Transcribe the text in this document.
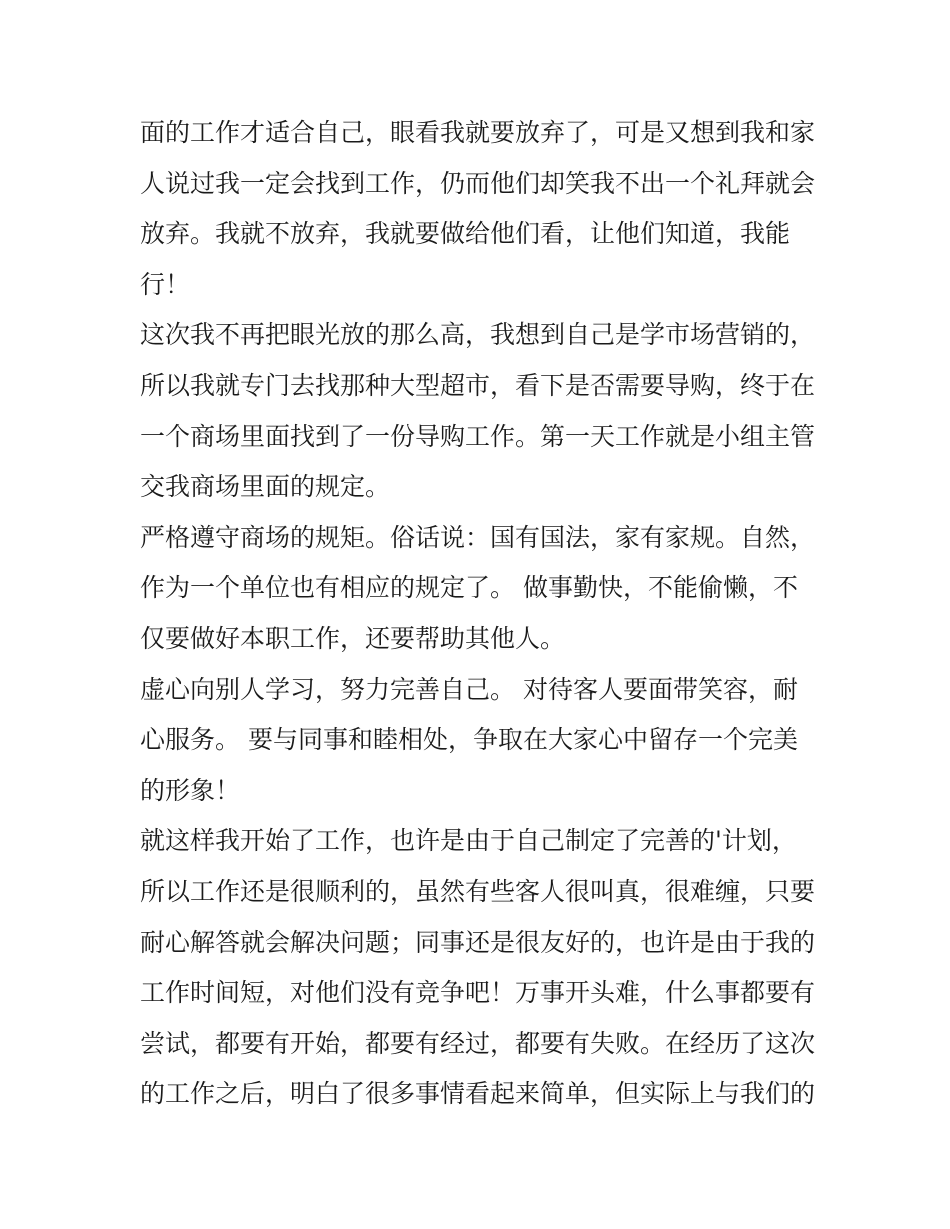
面的工作才适合自己，眼看我就要放弃了，可是又想到我和家
人说过我一定会找到工作，仍而他们却笑我不出一个礼拜就会
放弃。我就不放弃，我就要做给他们看，让他们知道，我能
行！
这次我不再把眼光放的那么高，我想到自己是学市场营销的，
所以我就专门去找那种大型超市，看下是否需要导购，终于在
一个商场里面找到了一份导购工作。第一天工作就是小组主管
交我商场里面的规定。
严格遵守商场的规矩。俗话说：国有国法，家有家规。自然，
作为一个单位也有相应的规定了。 做事勤快，不能偷懒，不
仅要做好本职工作，还要帮助其他人。
虚心向别人学习，努力完善自己。 对待客人要面带笑容，耐
心服务。 要与同事和睦相处，争取在大家心中留存一个完美
的形象！
就这样我开始了工作，也许是由于自己制定了完善的'计划，
所以工作还是很顺利的，虽然有些客人很叫真，很难缠，只要
耐心解答就会解决问题；同事还是很友好的，也许是由于我的
工作时间短，对他们没有竞争吧！万事开头难，什么事都要有
尝试，都要有开始，都要有经过，都要有失败。在经历了这次
的工作之后，明白了很多事情看起来简单，但实际上与我们的
